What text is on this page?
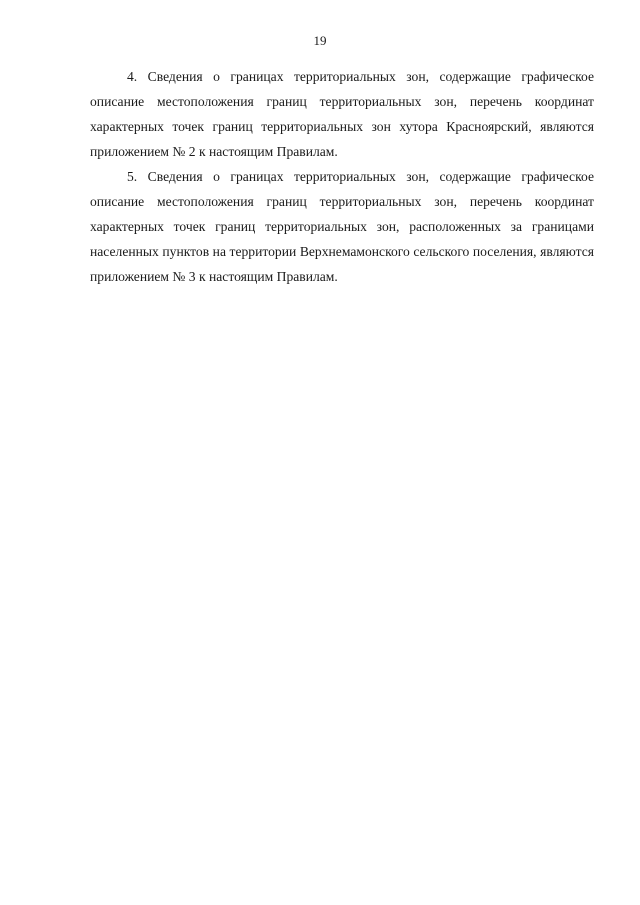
19

4. Сведения о границах территориальных зон, содержащие графическое описание местоположения границ территориальных зон, перечень координат характерных точек границ территориальных зон хутора Красноярский, являются приложением № 2 к настоящим Правилам.

5. Сведения о границах территориальных зон, содержащие графическое описание местоположения границ территориальных зон, перечень координат характерных точек границ территориальных зон, расположенных за границами населенных пунктов на территории Верхнемамонского сельского поселения, являются приложением № 3 к настоящим Правилам.
